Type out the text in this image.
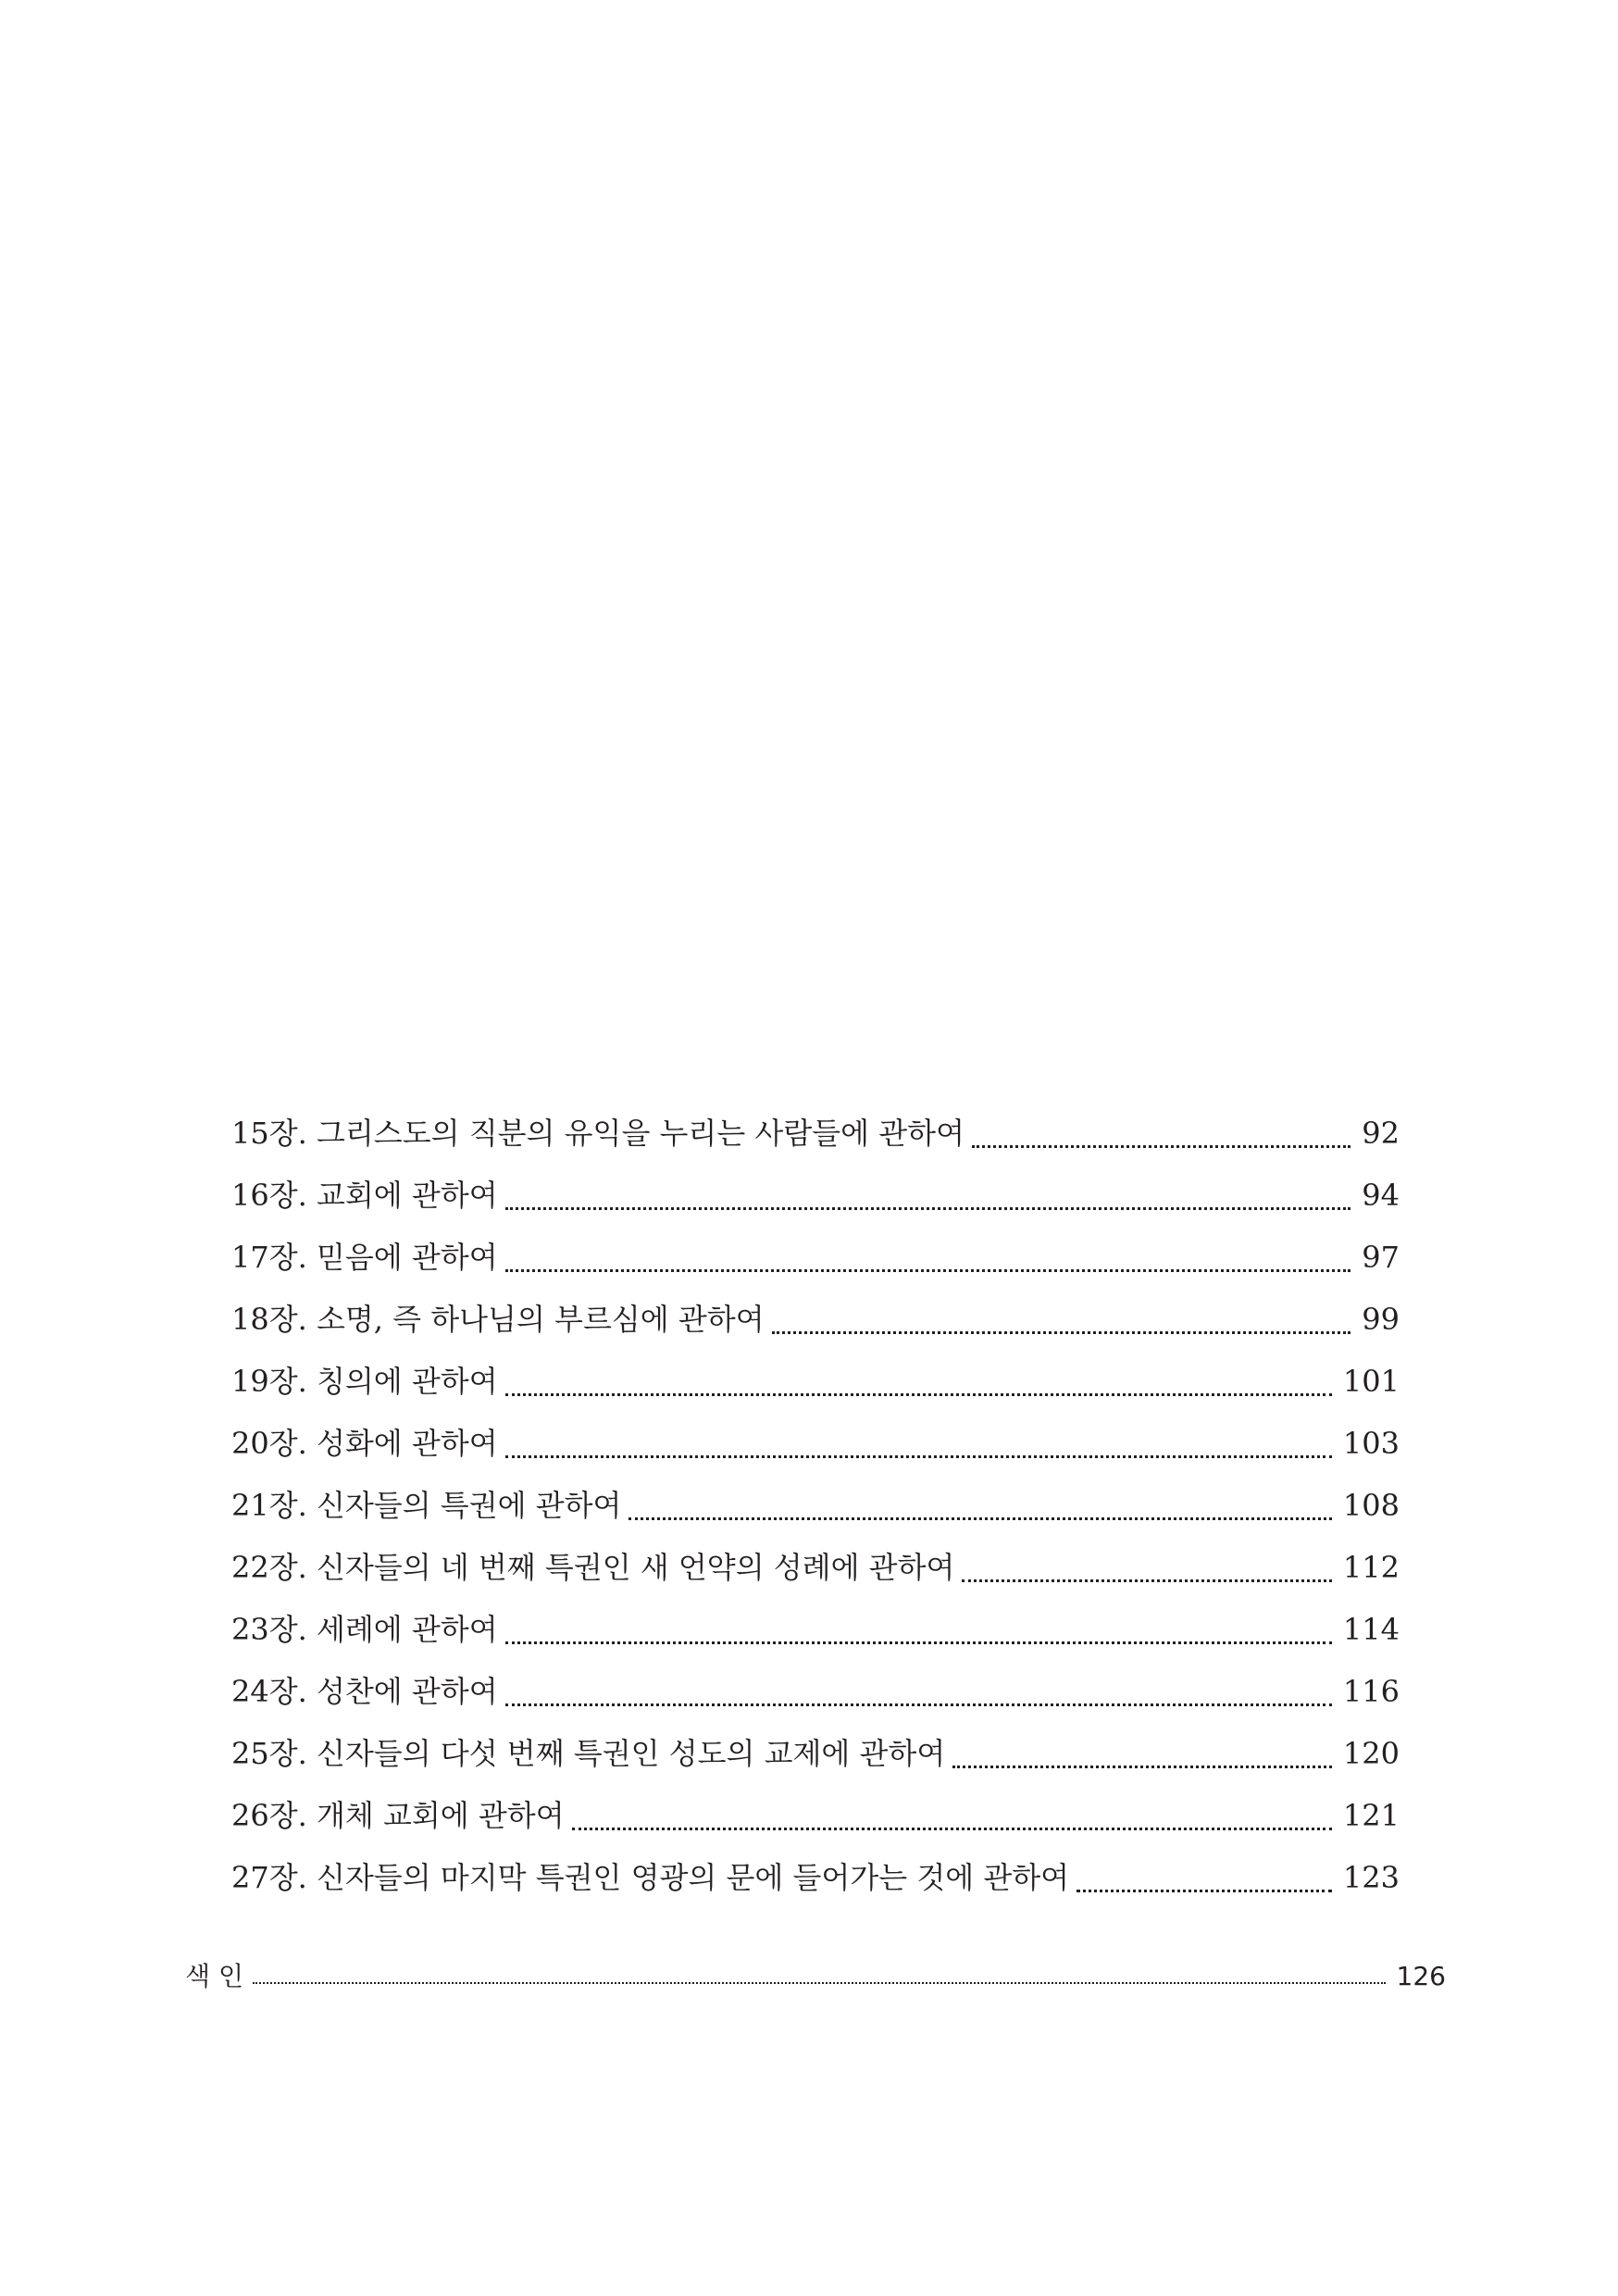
15장. 그리스도의 직분의 유익을 누리는 사람들에 관하여	92
16장. 교회에 관하여	94
17장. 믿음에 관하여	97
18장. 소명, 즉 하나님의 부르심에 관하여	99
19장. 칭의에 관하여	101
20장. 성화에 관하여	103
21장. 신자들의 특권에 관하여	108
22장. 신자들의 네 번째 특권인 새 언약의 성례에 관하여	112
23장. 세례에 관하여	114
24장. 성찬에 관하여	116
25장. 신자들의 다섯 번째 특권인 성도의 교제에 관하여	120
26장. 개체 교회에 관하여	121
27장. 신자들의 마지막 특권인 영광의 문에 들어가는 것에 관하여	123
색 인	126
